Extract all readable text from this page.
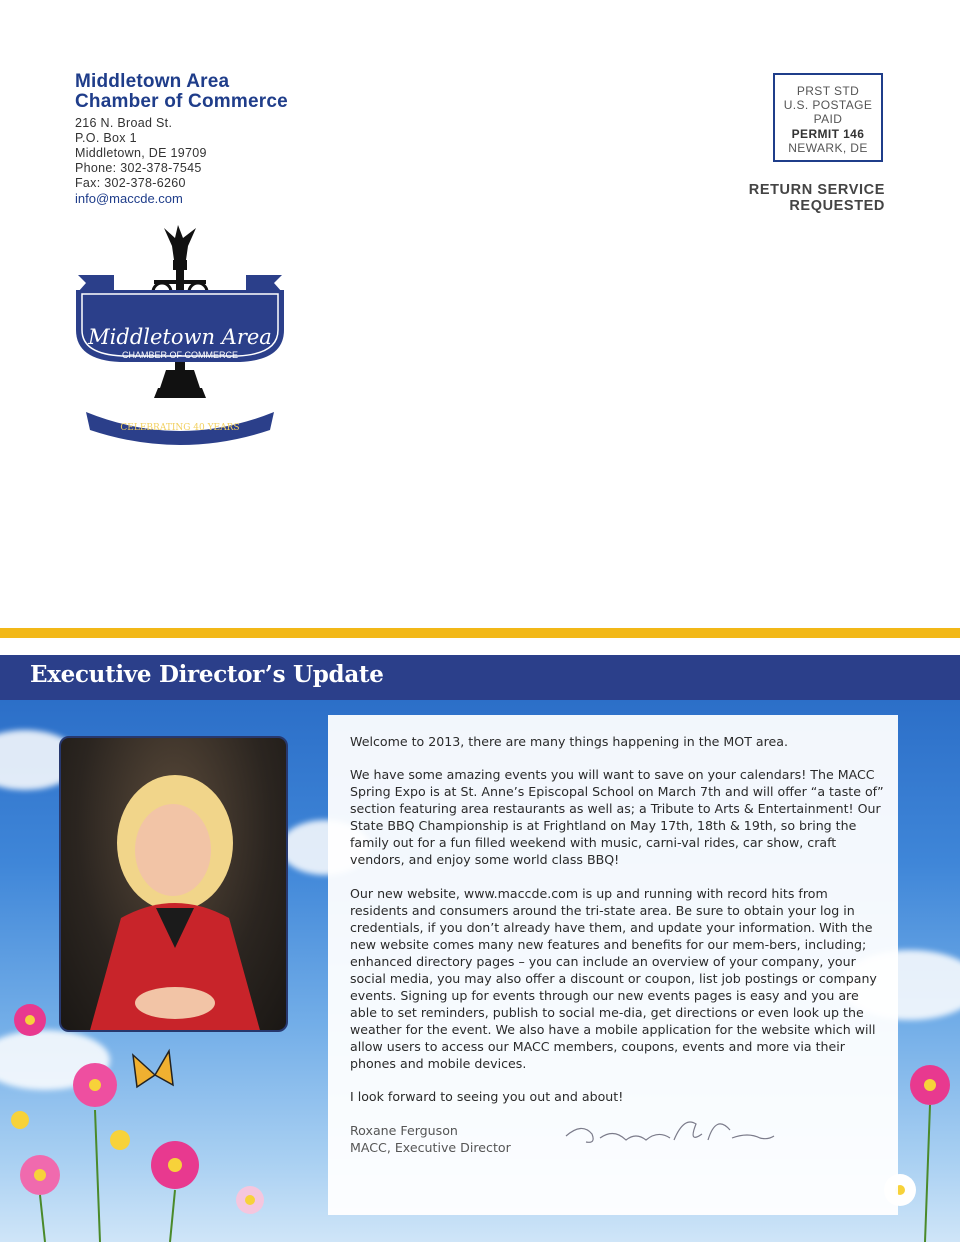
Middletown Area
Chamber of Commerce
216 N. Broad St.
P.O. Box 1
Middletown, DE 19709
Phone: 302-378-7545
Fax: 302-378-6260
info@maccde.com
PRST STD
U.S. POSTAGE
PAID
PERMIT 146
NEWARK, DE
RETURN SERVICE REQUESTED
Middletown Area
CHAMBER OF COMMERCE
1972	2012
CELEBRATING 40 YEARS
Executive Director’s Update

Welcome to 2013, there are many things happening in the MOT area.

We have some amazing events you will want to save on your calendars! The MACC Spring Expo is at St. Anne’s Episcopal School on March 7th and will offer “a taste of” section featuring area restaurants as well as; a Tribute to Arts & Entertainment! Our State BBQ Championship is at Frightland on May 17th, 18th & 19th, so bring the family out for a fun filled weekend with music, carni-val rides, car show, craft vendors, and enjoy some world class BBQ!

Our new website, www.maccde.com is up and running with record hits from residents and consumers around the tri-state area. Be sure to obtain your log in credentials, if you don’t already have them, and update your information. With the new website comes many new features and benefits for our mem-bers, including; enhanced directory pages – you can include an overview of your company, your social media, you may also offer a discount or coupon, list job postings or company events. Signing up for events through our new events pages is easy and you are able to set reminders, publish to social me-dia, get directions or even look up the weather for the event. We also have a mobile application for the website which will allow users to access our MACC members, coupons, events and more via their phones and mobile devices.

I look forward to seeing you out and about!

Roxane Ferguson
MACC, Executive Director
